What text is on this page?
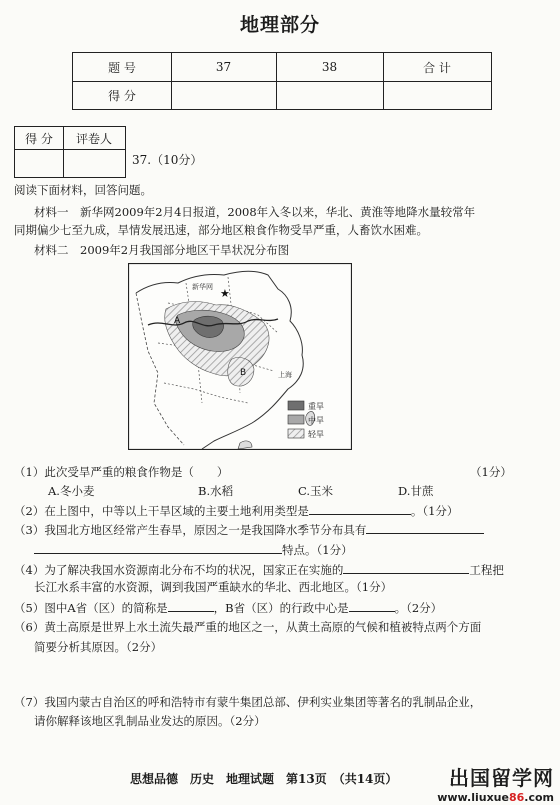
地理部分
题 号	37	38	合 计
得 分
得 分	评卷人
37.（10分）
阅读下面材料，回答问题。
材料一　新华网2009年2月4日报道，2008年入冬以来，华北、黄淮等地降水量较常年
同期偏少七至九成，旱情发展迅速，部分地区粮食作物受旱严重，人畜饮水困难。
材料二　2009年2月我国部分地区干旱状况分布图
★
新华网
A
B	上海
重旱
中旱
轻旱
（1）此次受旱严重的粮食作物是（　　）	（1分）
A.冬小麦	B.水稻	C.玉米	D.甘蔗
（2）在上图中，中等以上干旱区域的主要土地利用类型是	。（1分）
（3）我国北方地区经常产生春旱，原因之一是我国降水季节分布具有
特点。（1分）
（4）为了解决我国水资源南北分布不均的状况，国家正在实施的	工程把
长江水系丰富的水资源，调到我国严重缺水的华北、西北地区。（1分）
（5）图中A省（区）的简称是	，B省（区）的行政中心是	。（2分）
（6）黄土高原是世界上水土流失最严重的地区之一，从黄土高原的气候和植被特点两个方面
简要分析其原因。（2分）
（7）我国内蒙古自治区的呼和浩特市有蒙牛集团总部、伊利实业集团等著名的乳制品企业，
请你解释该地区乳制品业发达的原因。（2分）
思想品德　历史　地理试题　第13页　（共14页）	出国留学网
www.liuxue86.com
